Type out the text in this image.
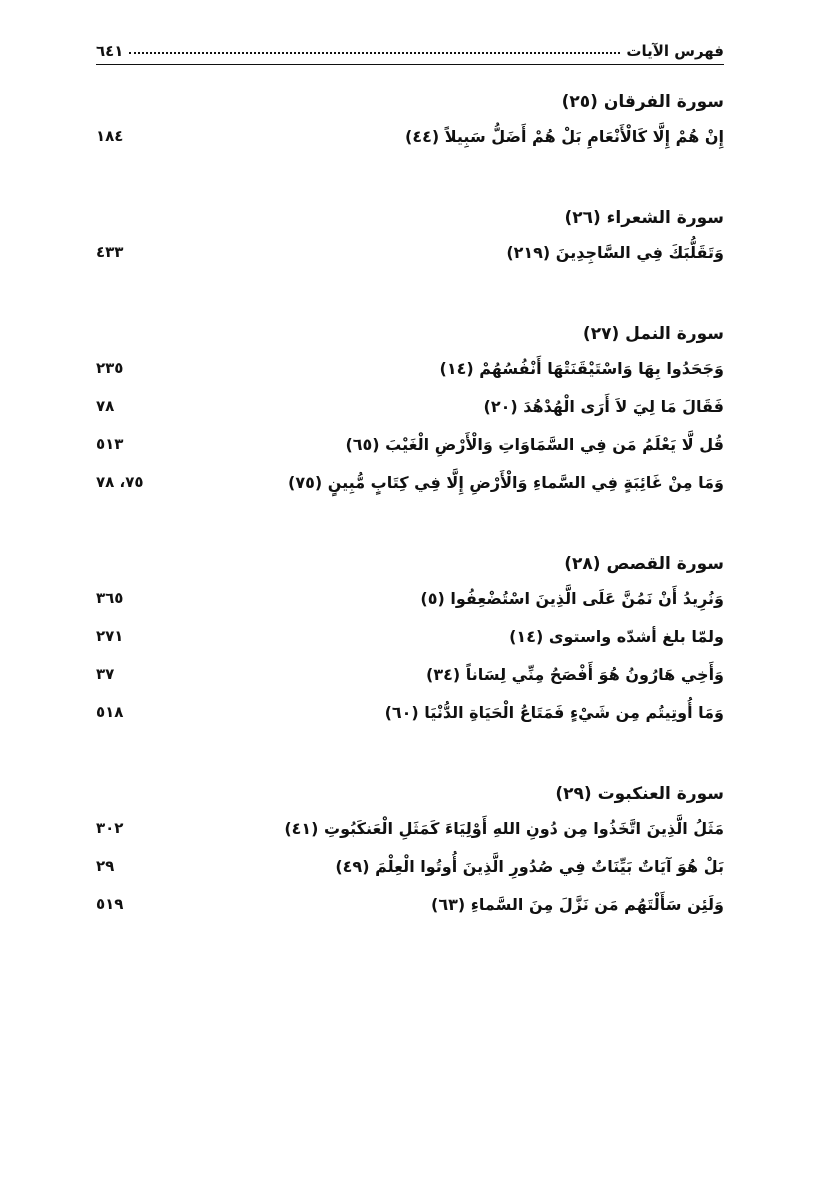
فهرس الآيات
٦٤١
سورة الفرقان (٢٥)
إِنْ هُمْ إِلَّا كَالْأَنْعَامِ بَلْ هُمْ أَضَلُّ سَبِيلاً (٤٤)
١٨٤
سورة الشعراء (٢٦)
وَتَقَلُّبَكَ فِي السَّاجِدِينَ (٢١٩)
٤٣٣
سورة النمل (٢٧)
وَجَحَدُوا بِهَا وَاسْتَيْقَنَتْهَا أَنْفُسُهُمْ (١٤)
٢٣٥
فَقَالَ مَا لِيَ لاَ أَرَى الْهُدْهُدَ (٢٠)
٧٨
قُل لَّا يَعْلَمُ مَن فِي السَّمَاوَاتِ وَالْأَرْضِ الْغَيْبَ (٦٥)
٥١٣
وَمَا مِنْ غَائِبَةٍ فِي السَّماءِ وَالْأَرْضِ إِلَّا فِي كِتَابٍ مُّبِينٍ (٧٥)
٧٥، ٧٨
سورة القصص (٢٨)
وَنُرِيدُ أَنْ نَمُنَّ عَلَى الَّذِينَ اسْتُضْعِفُوا (٥)
٣٦٥
ولمّا بلغ أشدّه واستوى (١٤)
٢٧١
وَأَخِي هَارُونُ هُوَ أَفْصَحُ مِنِّي لِسَاناً (٣٤)
٣٧
وَمَا أُوتِيتُم مِن شَيْءٍ فَمَتَاعُ الْحَيَاةِ الدُّنْيَا (٦٠)
٥١٨
سورة العنكبوت (٢٩)
مَثَلُ الَّذِينَ اتَّخَذُوا مِن دُونِ اللهِ أَوْلِيَاءَ كَمَثَلِ الْعَنكَبُوتِ (٤١)
٣٠٢
بَلْ هُوَ آيَاتٌ بَيِّنَاتٌ فِي صُدُورِ الَّذِينَ أُوتُوا الْعِلْمَ (٤٩)
٢٩
وَلَئِن سَأَلْتَهُم مَن نَزَّلَ مِنَ السَّماءِ (٦٣)
٥١٩
